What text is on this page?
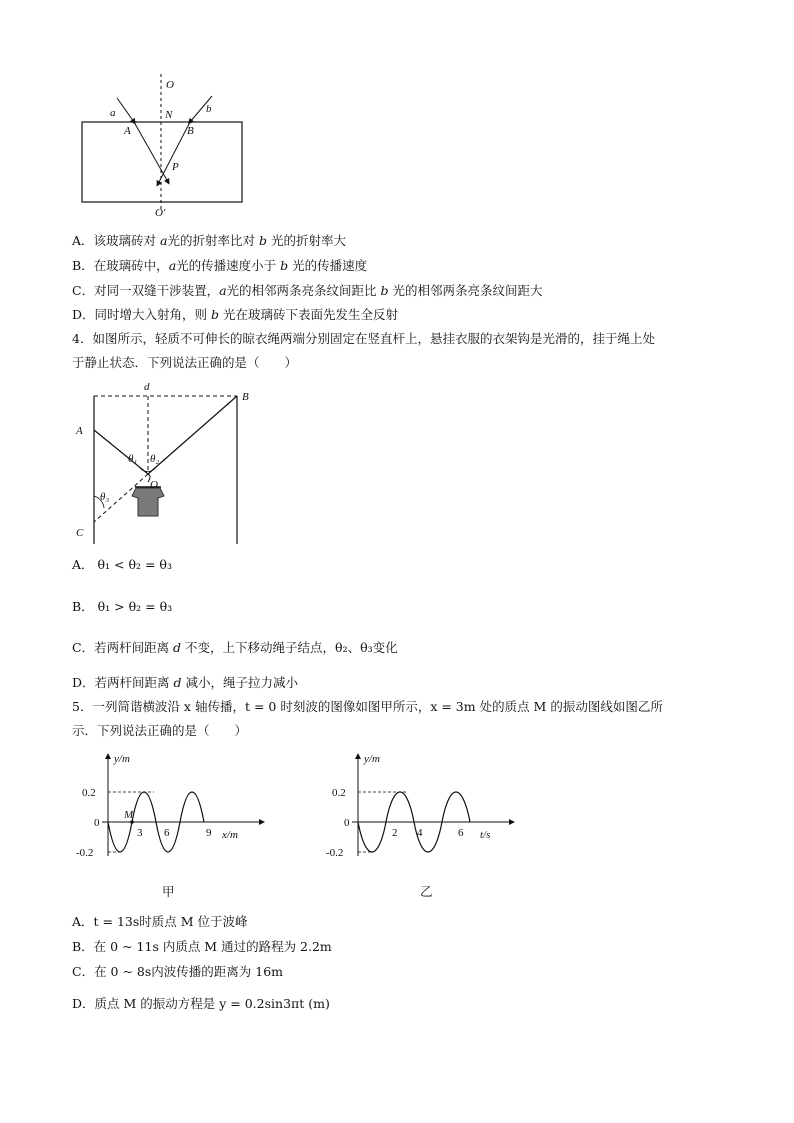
O
O'
N
A	B
P
a	b
A．该玻璃砖对 a光的折射率比对 b 光的折射率大
B．在玻璃砖中，a光的传播速度小于 b 光的传播速度
C．对同一双缝干涉装置，a光的相邻两条亮条纹间距比 b 光的相邻两条亮条纹间距大
D．同时增大入射角，则 b 光在玻璃砖下表面先发生全反射
4．如图所示，轻质不可伸长的晾衣绳两端分别固定在竖直杆上，悬挂衣服的衣架钩是光滑的，挂于绳上处
于静止状态．下列说法正确的是（　　）
d
A
B
C
O
θ₁ θ₂
θ₃
A． θ₁ < θ₂ = θ₃
B． θ₁ > θ₂ = θ₃
C．若两杆间距离 d 不变，上下移动绳子结点，θ₂、θ₃变化
D．若两杆间距离 d 减小，绳子拉力减小
5．一列简谐横波沿 x 轴传播，t = 0 时刻波的图像如图甲所示，x = 3m 处的质点 M 的振动图线如图乙所
示．下列说法正确的是（　　）
y/m
0.2
0
-0.2
M
3 6	9 x/m
甲
y/m
0.2
0
-0.2
2 4	6 t/s
乙
A．t = 13s时质点 M 位于波峰
B．在 0 ~ 11s 内质点 M 通过的路程为 2.2m
C．在 0 ~ 8s内波传播的距离为 16m
D．质点 M 的振动方程是 y = 0.2sin3πt (m)
